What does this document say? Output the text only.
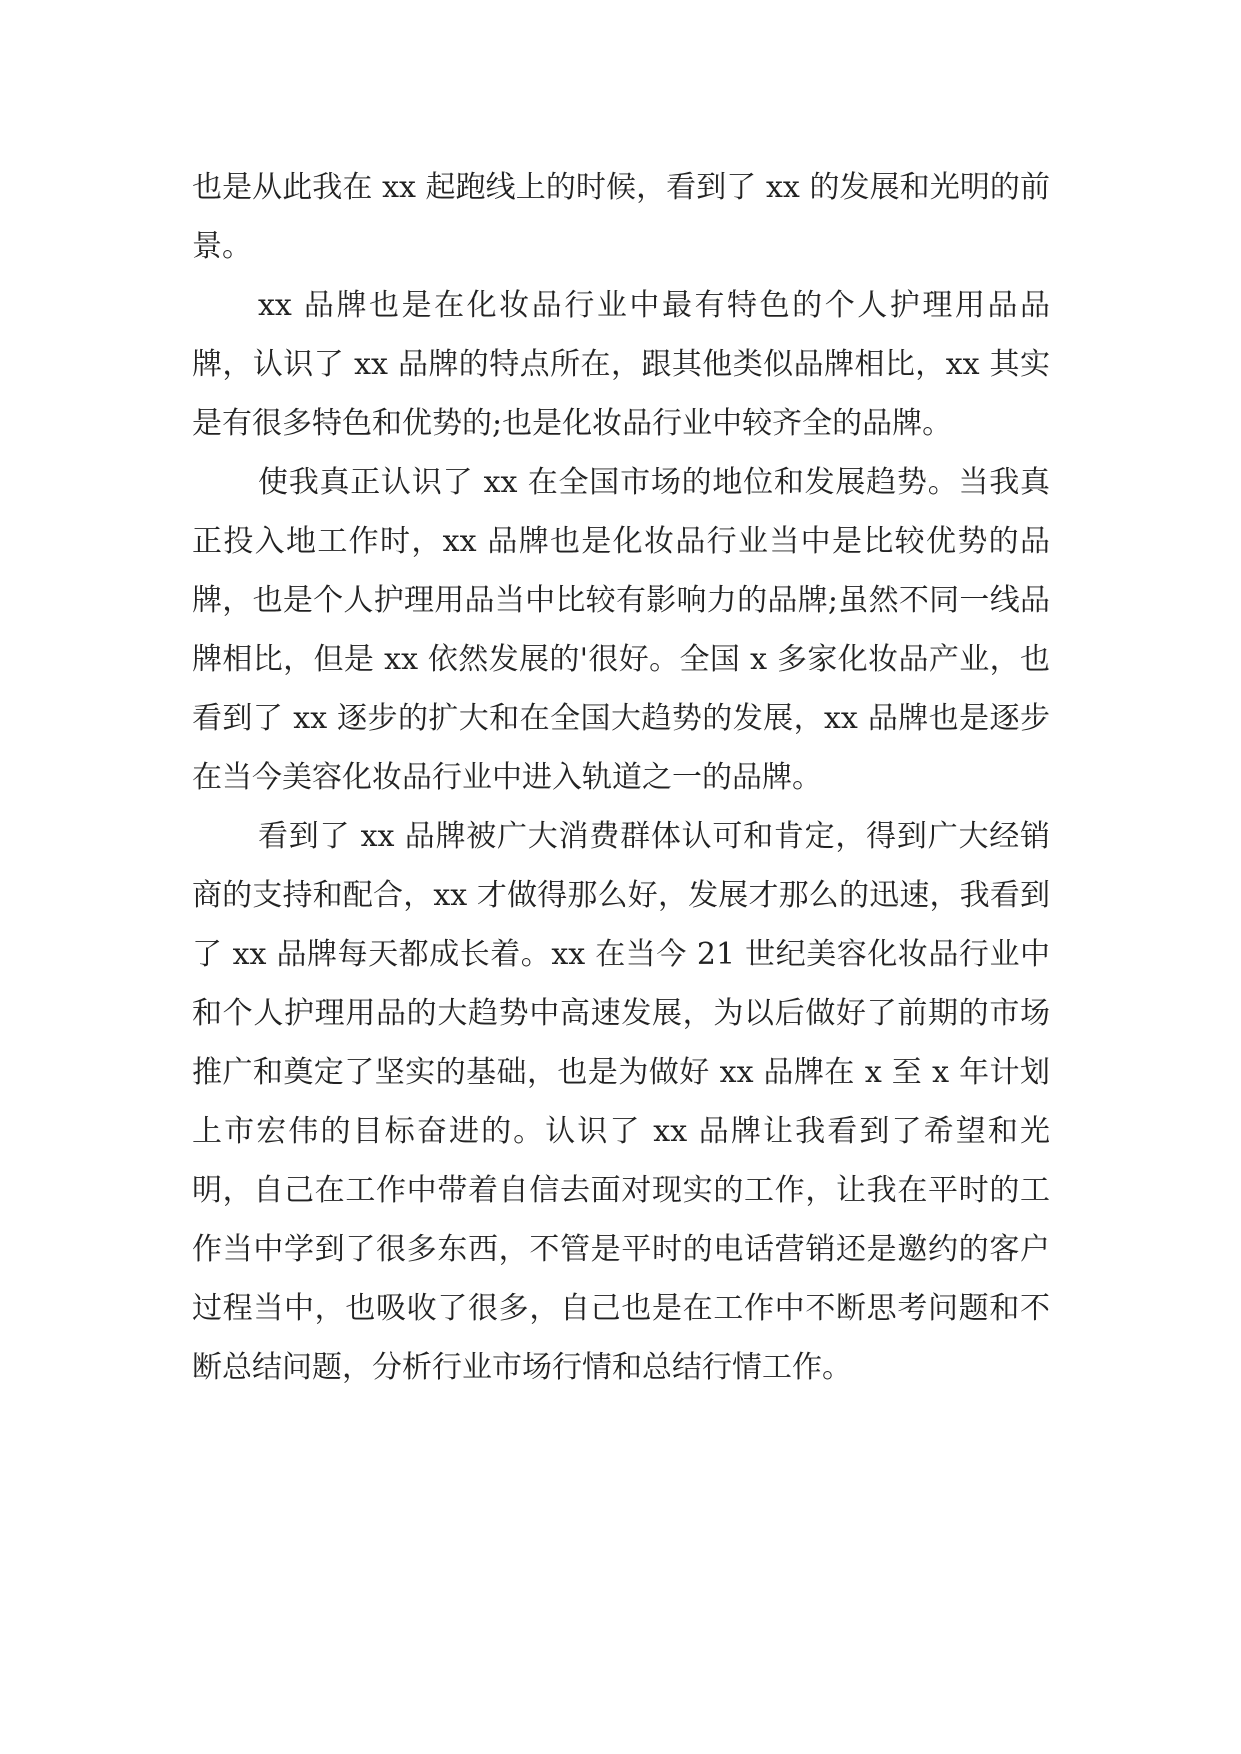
也是从此我在 xx 起跑线上的时候，看到了 xx 的发展和光明的前景。

xx 品牌也是在化妆品行业中最有特色的个人护理用品品牌，认识了 xx 品牌的特点所在，跟其他类似品牌相比，xx 其实是有很多特色和优势的;也是化妆品行业中较齐全的品牌。

使我真正认识了 xx 在全国市场的地位和发展趋势。当我真正投入地工作时，xx 品牌也是化妆品行业当中是比较优势的品牌，也是个人护理用品当中比较有影响力的品牌;虽然不同一线品牌相比，但是 xx 依然发展的'很好。全国 x 多家化妆品产业，也看到了 xx 逐步的扩大和在全国大趋势的发展，xx 品牌也是逐步在当今美容化妆品行业中进入轨道之一的品牌。

看到了 xx 品牌被广大消费群体认可和肯定，得到广大经销商的支持和配合，xx 才做得那么好，发展才那么的迅速，我看到了 xx 品牌每天都成长着。xx 在当今 21 世纪美容化妆品行业中和个人护理用品的大趋势中高速发展，为以后做好了前期的市场推广和奠定了坚实的基础，也是为做好 xx 品牌在 x 至 x 年计划上市宏伟的目标奋进的。认识了 xx 品牌让我看到了希望和光明，自己在工作中带着自信去面对现实的工作，让我在平时的工作当中学到了很多东西，不管是平时的电话营销还是邀约的客户过程当中，也吸收了很多，自己也是在工作中不断思考问题和不断总结问题，分析行业市场行情和总结行情工作。
